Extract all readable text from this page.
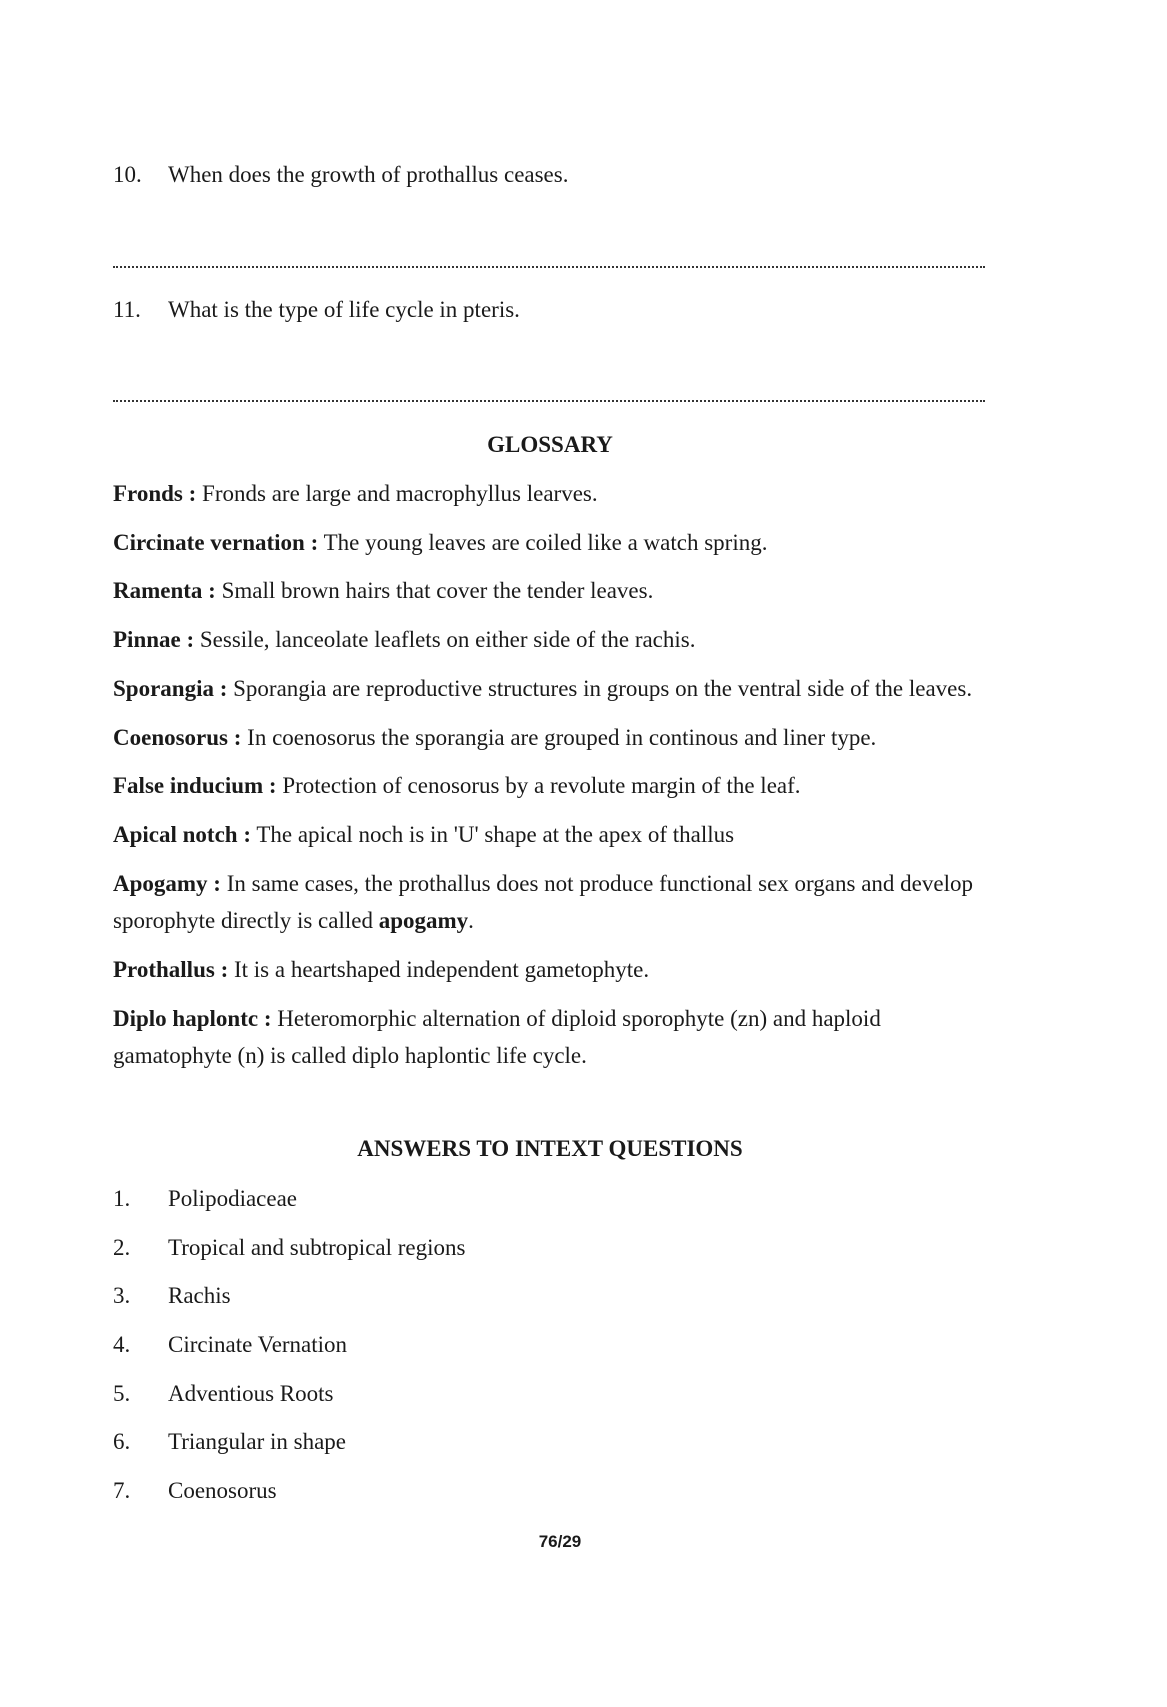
10. When does the growth of prothallus ceases.
11. What is the type of life cycle in pteris.
GLOSSARY
Fronds : Fronds are large and macrophyllus learves.
Circinate vernation : The young leaves are coiled like a watch spring.
Ramenta : Small brown hairs that cover the tender leaves.
Pinnae : Sessile, lanceolate leaflets on either side of the rachis.
Sporangia : Sporangia are reproductive structures in groups on the ventral side of the leaves.
Coenosorus : In coenosorus the sporangia are grouped in continous and liner type.
False inducium : Protection of cenosorus by a revolute margin of the leaf.
Apical notch : The apical noch is in 'U' shape at the apex of thallus
Apogamy : In same cases, the prothallus does not produce functional sex organs and develop sporophyte directly is called apogamy.
Prothallus : It is a heartshaped independent gametophyte.
Diplo haplontc : Heteromorphic alternation of diploid sporophyte (zn) and haploid gamatophyte (n) is called diplo haplontic life cycle.
ANSWERS TO INTEXT QUESTIONS
1. Polipodiaceae
2. Tropical and subtropical regions
3. Rachis
4. Circinate Vernation
5. Adventious Roots
6. Triangular in shape
7. Coenosorus
76/29
